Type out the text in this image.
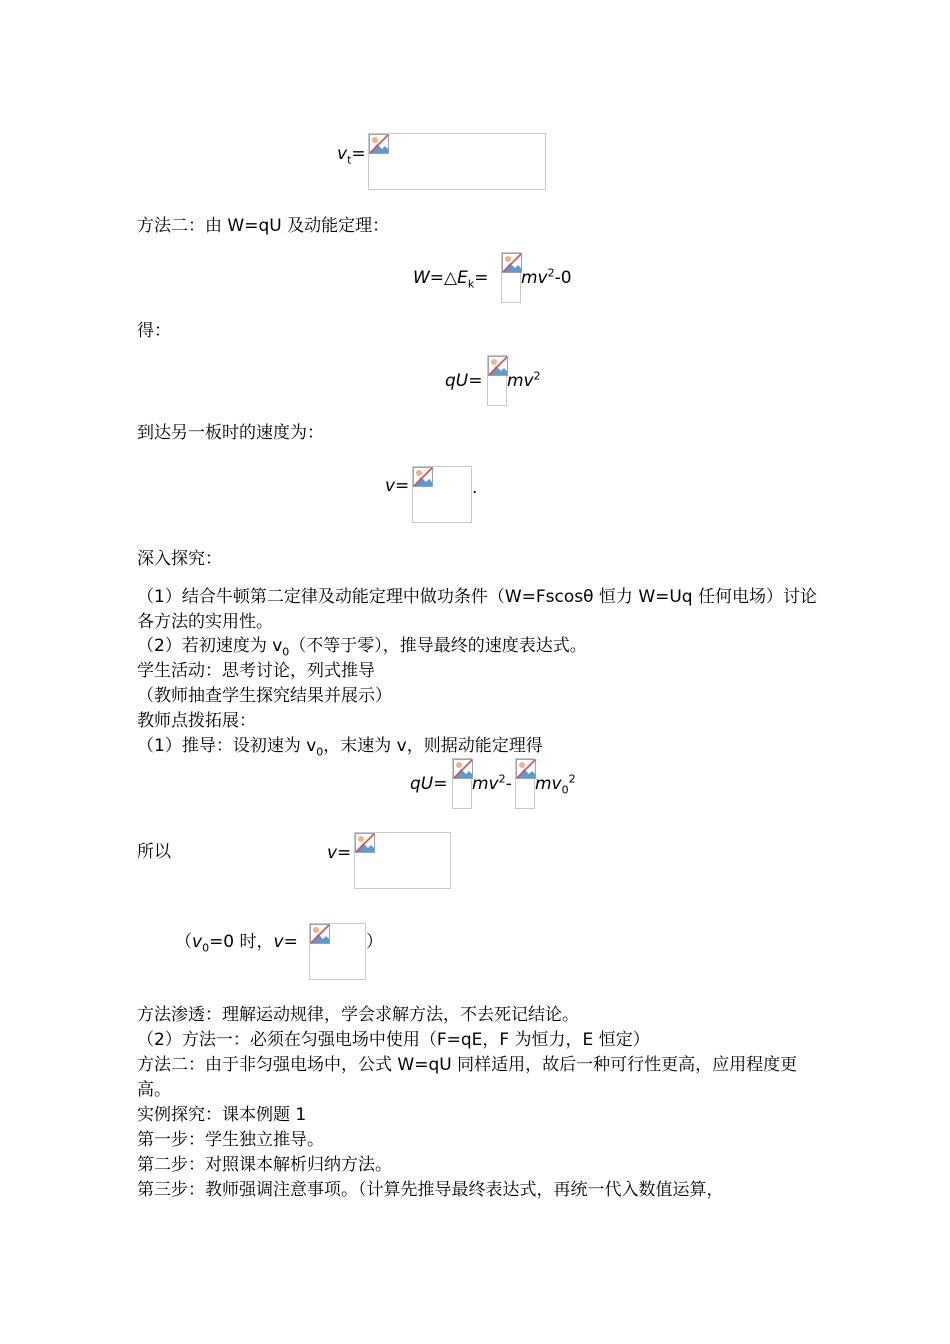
$v_t=$
方法二：由 W=qU 及动能定理：
$W=\triangle E_k= mv^2-0$
得：
$qU= mv^2$
到达另一板时的速度为：
v=	.
深入探究：
（1）结合牛顿第二定律及动能定理中做功条件（W=Fscosθ 恒力 W=Uq 任何电场）讨论各方法的实用性。
（2）若初速度为 $v_0$（不等于零），推导最终的速度表达式。
学生活动：思考讨论，列式推导
（教师抽查学生探究结果并展示）
教师点拨拓展：
（1）推导：设初速为 $v_0$，末速为 v，则据动能定理得
$qU= mv^2-$ $mv_0^2$
所以	v=
（$v_0=0$ 时，v=	）
方法渗透：理解运动规律，学会求解方法，不去死记结论。
（2）方法一：必须在匀强电场中使用（F=qE，F 为恒力，E 恒定）
方法二：由于非匀强电场中，公式 W=qU 同样适用，故后一种可行性更高，应用程度更高。
实例探究：课本例题 1
第一步：学生独立推导。
第二步：对照课本解析归纳方法。
第三步：教师强调注意事项。（计算先推导最终表达式，再统一代入数值运算，
